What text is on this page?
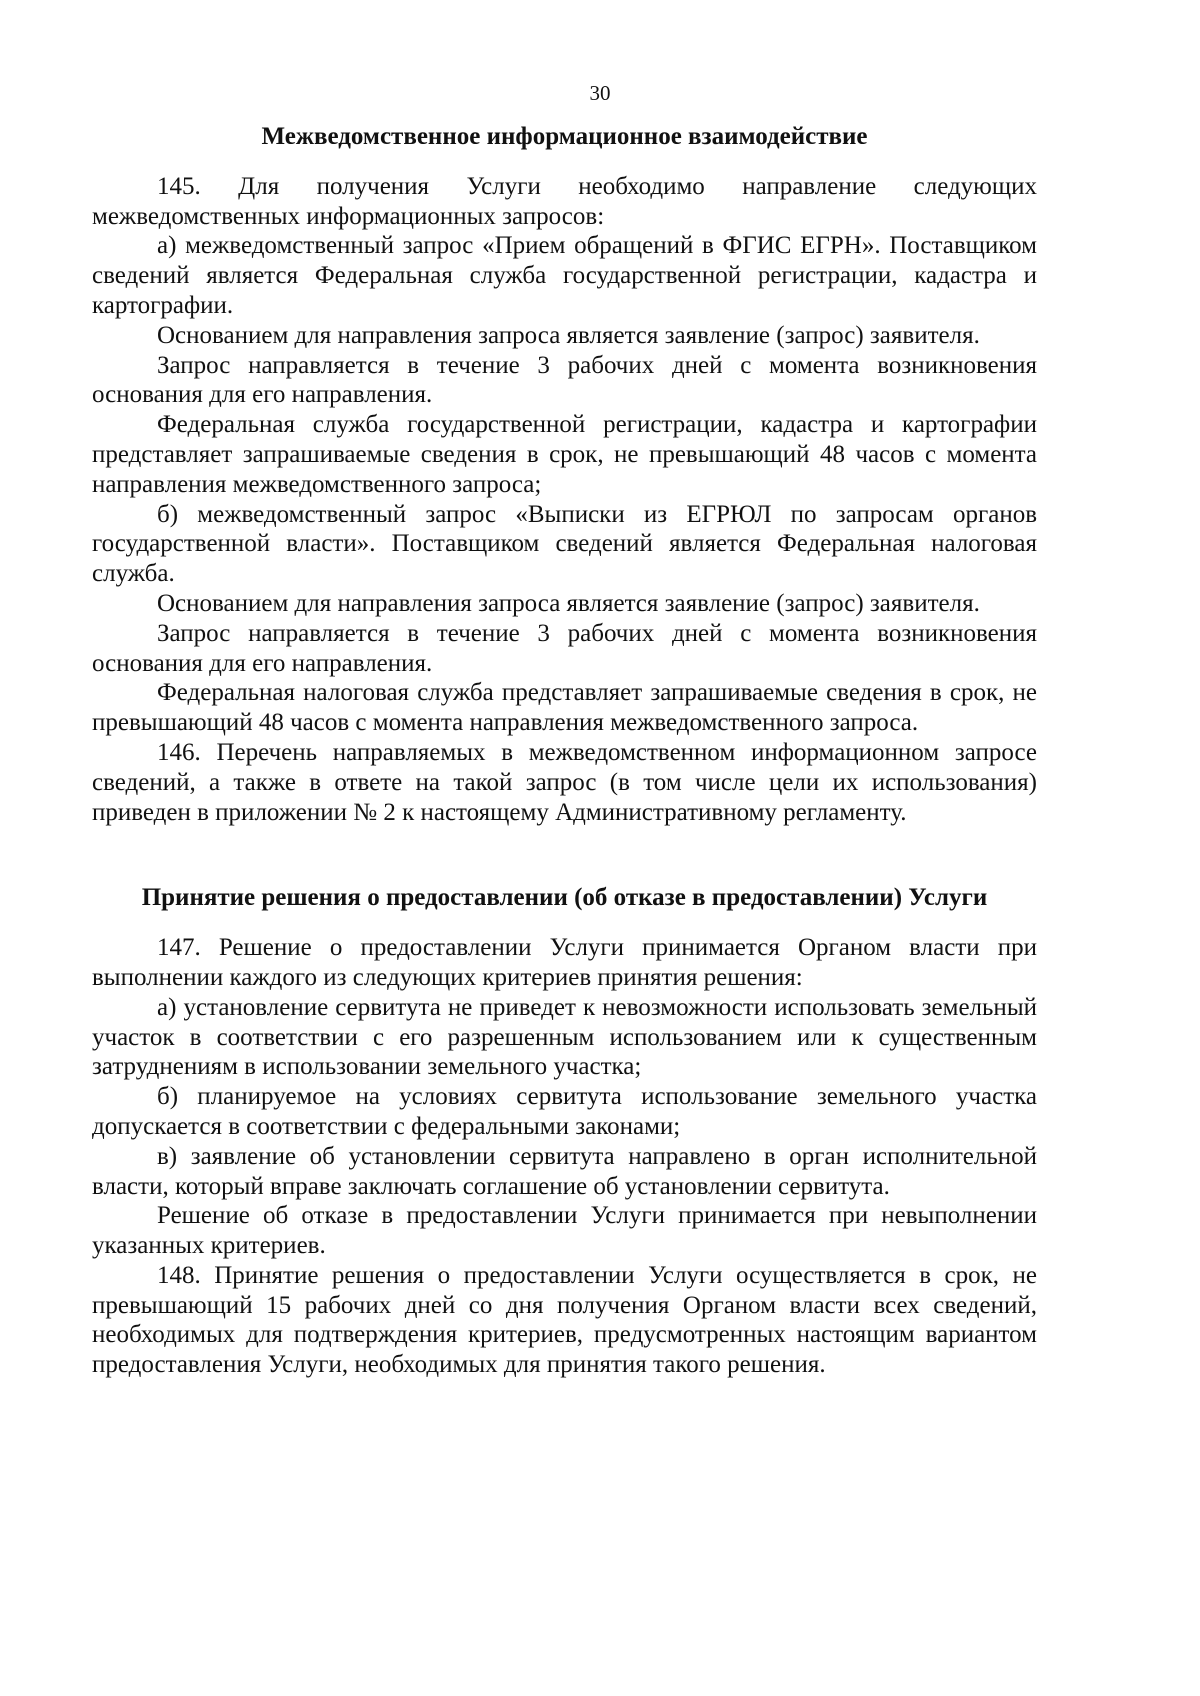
30
Межведомственное информационное взаимодействие

145. Для получения Услуги необходимо направление следующих межведомственных информационных запросов:

а) межведомственный запрос «Прием обращений в ФГИС ЕГРН». Поставщиком сведений является Федеральная служба государственной регистрации, кадастра и картографии.

Основанием для направления запроса является заявление (запрос) заявителя.

Запрос направляется в течение 3 рабочих дней с момента возникновения основания для его направления.

Федеральная служба государственной регистрации, кадастра и картографии представляет запрашиваемые сведения в срок, не превышающий 48 часов с момента направления межведомственного запроса;

б) межведомственный запрос «Выписки из ЕГРЮЛ по запросам органов государственной власти». Поставщиком сведений является Федеральная налоговая служба.

Основанием для направления запроса является заявление (запрос) заявителя.

Запрос направляется в течение 3 рабочих дней с момента возникновения основания для его направления.

Федеральная налоговая служба представляет запрашиваемые сведения в срок, не превышающий 48 часов с момента направления межведомственного запроса.

146. Перечень направляемых в межведомственном информационном запросе сведений, а также в ответе на такой запрос (в том числе цели их использования) приведен в приложении № 2 к настоящему Административному регламенту.

Принятие решения о предоставлении (об отказе в предоставлении) Услуги

147. Решение о предоставлении Услуги принимается Органом власти при выполнении каждого из следующих критериев принятия решения:

а) установление сервитута не приведет к невозможности использовать земельный участок в соответствии с его разрешенным использованием или к существенным затруднениям в использовании земельного участка;

б) планируемое на условиях сервитута использование земельного участка допускается в соответствии с федеральными законами;

в) заявление об установлении сервитута направлено в орган исполнительной власти, который вправе заключать соглашение об установлении сервитута.

Решение об отказе в предоставлении Услуги принимается при невыполнении указанных критериев.

148. Принятие решения о предоставлении Услуги осуществляется в срок, не превышающий 15 рабочих дней со дня получения Органом власти всех сведений, необходимых для подтверждения критериев, предусмотренных настоящим вариантом предоставления Услуги, необходимых для принятия такого решения.
